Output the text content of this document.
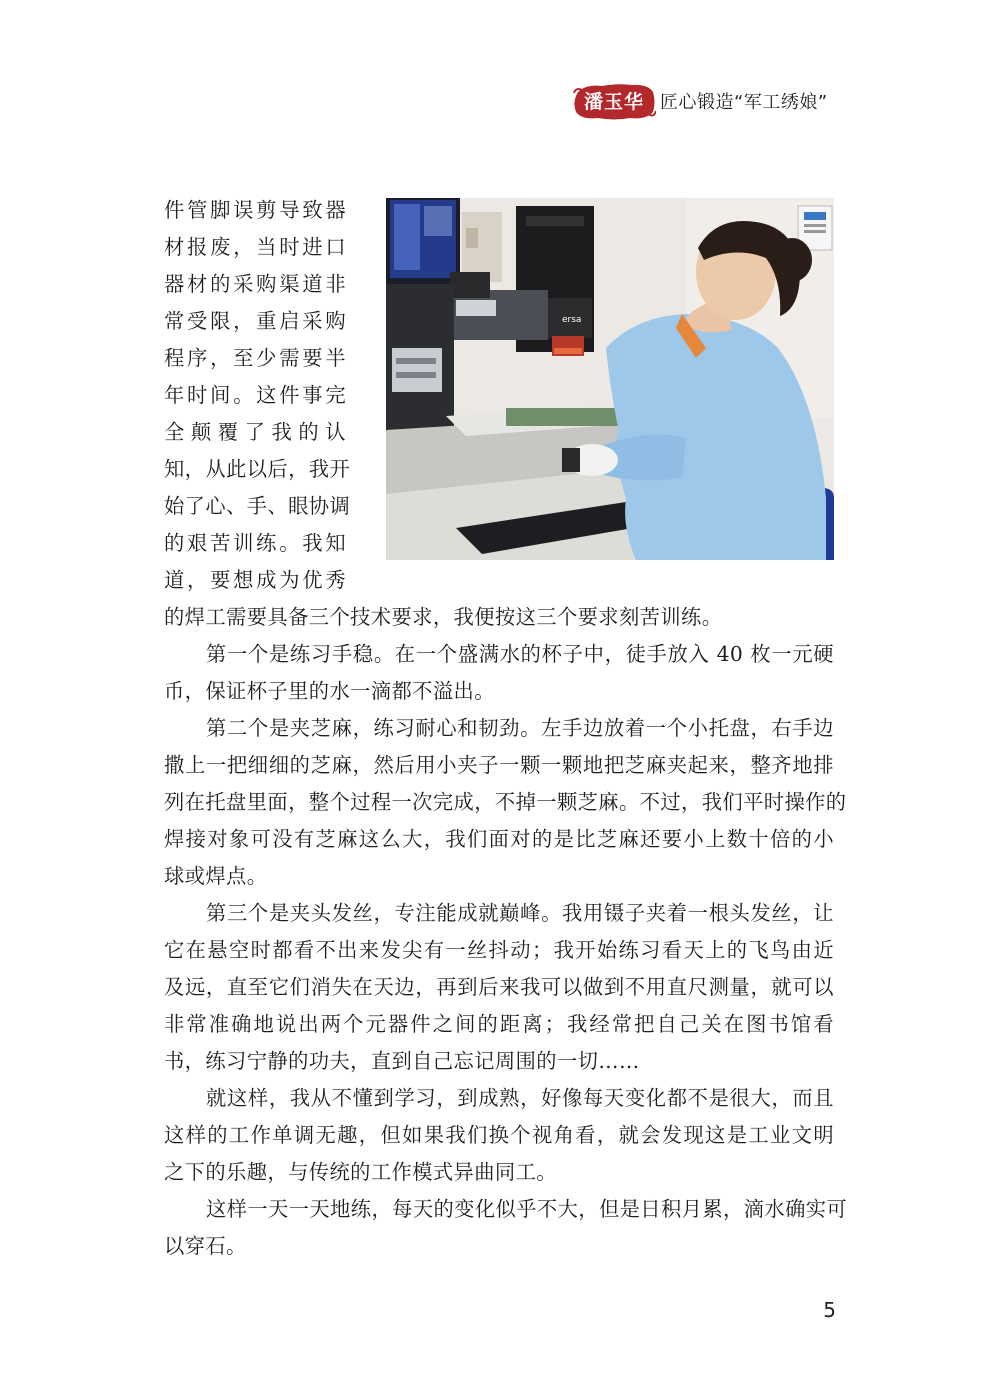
潘玉华 匠心锻造“军工绣娘”
ersa
件管脚误剪导致器
材报废，当时进口
器材的采购渠道非
常受限，重启采购
程序，至少需要半
年时间。这件事完
全颠覆了我的认
知，从此以后，我开
始了心、手、眼协调
的艰苦训练。我知
道，要想成为优秀
的焊工需要具备三个技术要求，我便按这三个要求刻苦训练。
第一个是练习手稳。在一个盛满水的杯子中，徒手放入 40 枚一元硬
币，保证杯子里的水一滴都不溢出。
第二个是夹芝麻，练习耐心和韧劲。左手边放着一个小托盘，右手边
撒上一把细细的芝麻，然后用小夹子一颗一颗地把芝麻夹起来，整齐地排
列在托盘里面，整个过程一次完成，不掉一颗芝麻。不过，我们平时操作的
焊接对象可没有芝麻这么大，我们面对的是比芝麻还要小上数十倍的小
球或焊点。
第三个是夹头发丝，专注能成就巅峰。我用镊子夹着一根头发丝，让
它在悬空时都看不出来发尖有一丝抖动；我开始练习看天上的飞鸟由近
及远，直至它们消失在天边，再到后来我可以做到不用直尺测量，就可以
非常准确地说出两个元器件之间的距离；我经常把自己关在图书馆看
书，练习宁静的功夫，直到自己忘记周围的一切……
就这样，我从不懂到学习，到成熟，好像每天变化都不是很大，而且
这样的工作单调无趣，但如果我们换个视角看，就会发现这是工业文明
之下的乐趣，与传统的工作模式异曲同工。
这样一天一天地练，每天的变化似乎不大，但是日积月累，滴水确实可
以穿石。
5
